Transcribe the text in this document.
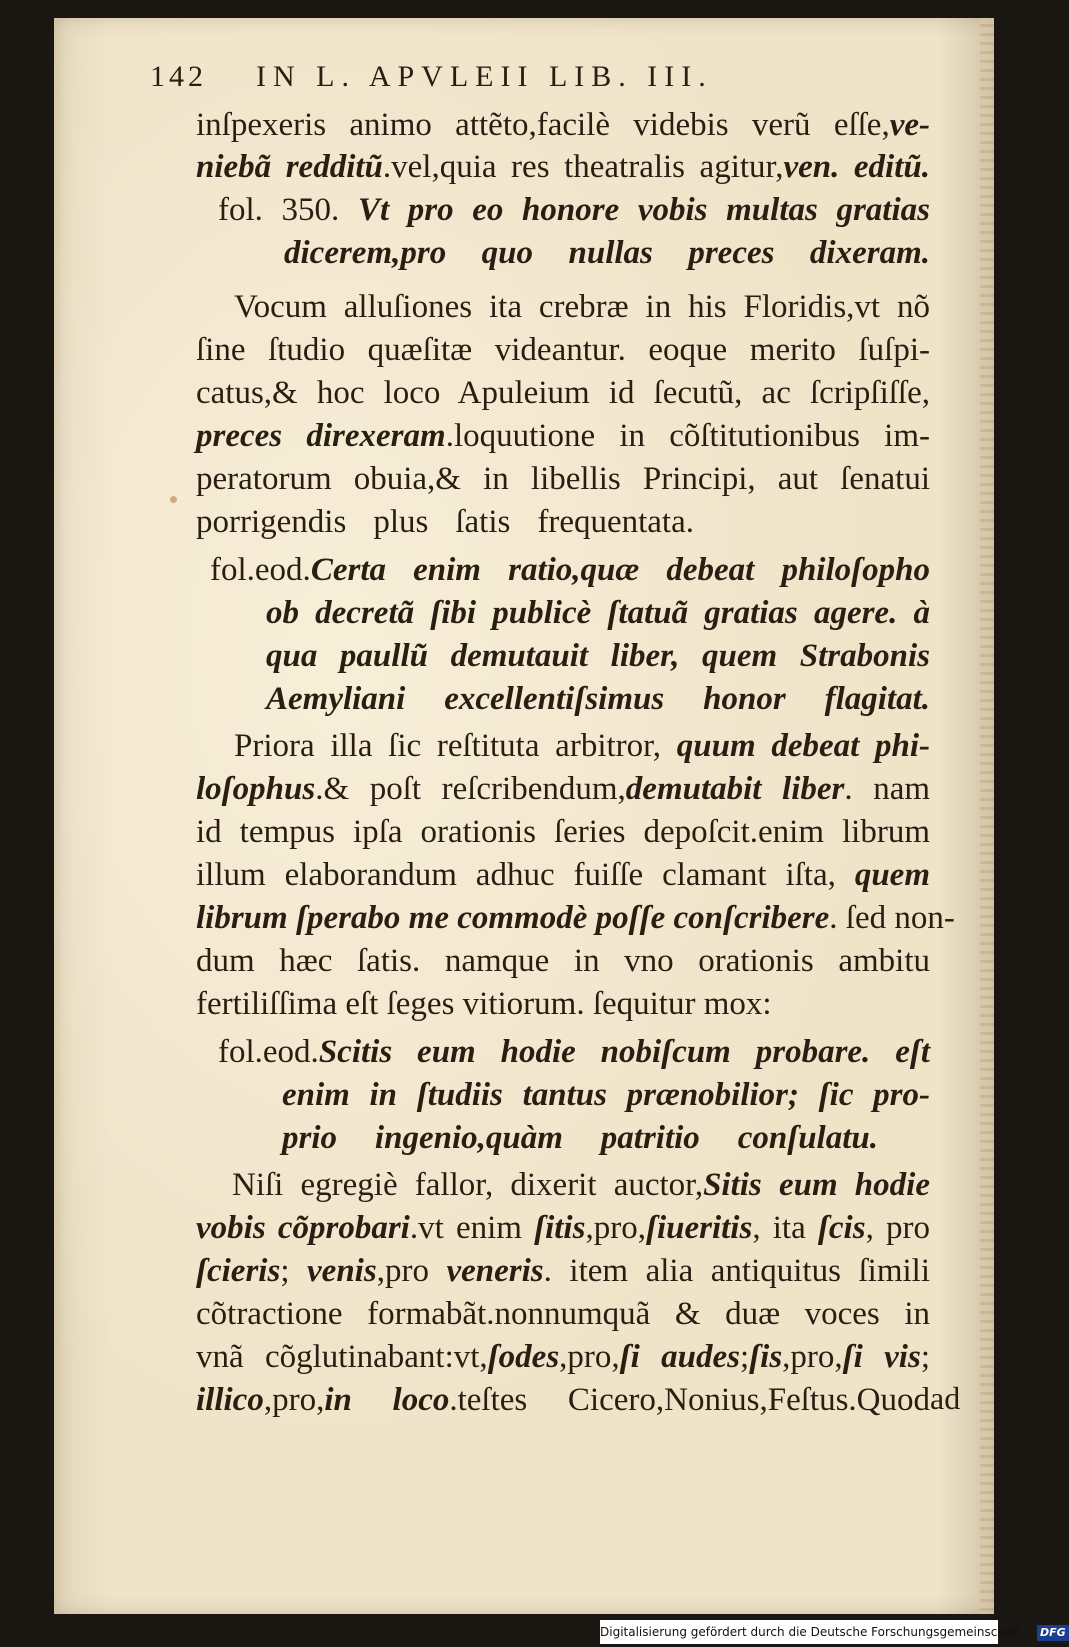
142 IN L. APVLEII LIB. III.
inſpexeris animo attẽto,facilè videbis verũ eſſe,ve-
niebã redditũ.vel,quia res theatralis agitur,ven. editũ.
fol. 350. Vt pro eo honore vobis multas gratias
dicerem,pro quo nullas preces dixeram.
Vocum alluſiones ita crebræ in his Floridis,vt nõ
ſine ſtudio quæſitæ videantur. eoque merito ſuſpi-
catus,& hoc loco Apuleium id ſecutũ, ac ſcripſiſſe,
preces direxeram.loquutione in cõſtitutionibus im-
peratorum obuia,& in libellis Principi, aut ſenatui
porrigendis plus ſatis frequentata.
fol.eod.Certa enim ratio,quæ debeat philoſopho
ob decretã ſibi publicè ſtatuã gratias agere. à
qua paullũ demutauit liber, quem Strabonis
Aemyliani excellentiſsimus honor flagitat.
Priora illa ſic reſtituta arbitror, quum debeat phi-
loſophus.& poſt reſcribendum,demutabit liber. nam
id tempus ipſa orationis ſeries depoſcit.enim librum
illum elaborandum adhuc fuiſſe clamant iſta, quem
librum ſperabo me commodè poſſe conſcribere. ſed non-
dum hæc ſatis. namque in vno orationis ambitu
fertiliſſima eſt ſeges vitiorum. ſequitur mox:
fol.eod.Scitis eum hodie nobiſcum probare. eſt
enim in ſtudiis tantus prænobilior; ſic pro-
prio ingenio,quàm patritio conſulatu.
Niſi egregiè fallor, dixerit auctor,Sitis eum hodie
vobis cõprobari.vt enim ſitis,pro,ſiueritis, ita ſcis, pro
ſcieris; venis,pro veneris. item alia antiquitus ſimili
cõtractione formabãt.nonnumquã & duæ voces in
vnã cõglutinabant:vt,ſodes,pro,ſi audes;ſis,pro,ſi vis;
illico,pro,in loco.teſtes Cicero,Nonius,Feſtus.Quod ad
Digitalisierung gefördert durch die Deutsche Forschungsgemeinschaft - DFG
